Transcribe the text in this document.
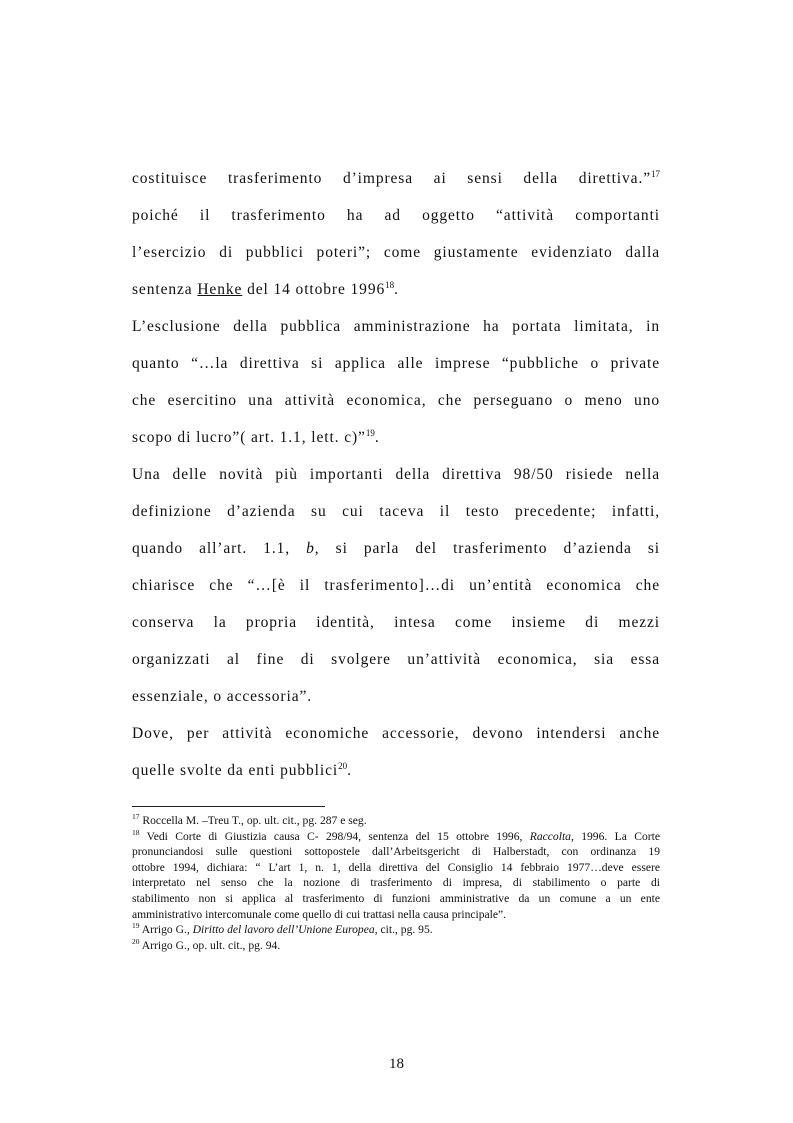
costituisce trasferimento d’impresa ai sensi della direttiva.”$^{17}$
poiché il trasferimento ha ad oggetto “attività comportanti
l’esercizio di pubblici poteri”; come giustamente evidenziato dalla
sentenza Henke del 14 ottobre 1996$^{18}$.
L’esclusione della pubblica amministrazione ha portata limitata, in
quanto “…la direttiva si applica alle imprese “pubbliche o private
che esercitino una attività economica, che perseguano o meno uno
scopo di lucro”( art. 1.1, lett. c)”$^{19}$.
Una delle novità più importanti della direttiva 98/50 risiede nella
definizione d’azienda su cui taceva il testo precedente; infatti,
quando all’art. 1.1, b, si parla del trasferimento d’azienda si
chiarisce che “…[è il trasferimento]…di un’entità economica che
conserva la propria identità, intesa come insieme di mezzi
organizzati al fine di svolgere un’attività economica, sia essa
essenziale, o accessoria”.
Dove, per attività economiche accessorie, devono intendersi anche
quelle svolte da enti pubblici$^{20}$.
$^{17}$ Roccella M. –Treu T., op. ult. cit., pg. 287 e seg.
$^{18}$ Vedi Corte di Giustizia causa C- 298/94, sentenza del 15 ottobre 1996, Raccolta, 1996. La Corte
pronunciandosi sulle questioni sottopostele dall’Arbeitsgericht di Halberstadt, con ordinanza 19
ottobre 1994, dichiara: “ L’art 1, n. 1, della direttiva del Consiglio 14 febbraio 1977…deve essere
interpretato nel senso che la nozione di trasferimento di impresa, di stabilimento o parte di
stabilimento non si applica al trasferimento di funzioni amministrative da un comune a un ente
amministrativo intercomunale come quello di cui trattasi nella causa principale”.
$^{19}$ Arrigo G., Diritto del lavoro dell’Unione Europea, cit., pg. 95.
$^{20}$ Arrigo G., op. ult. cit., pg. 94.
18
